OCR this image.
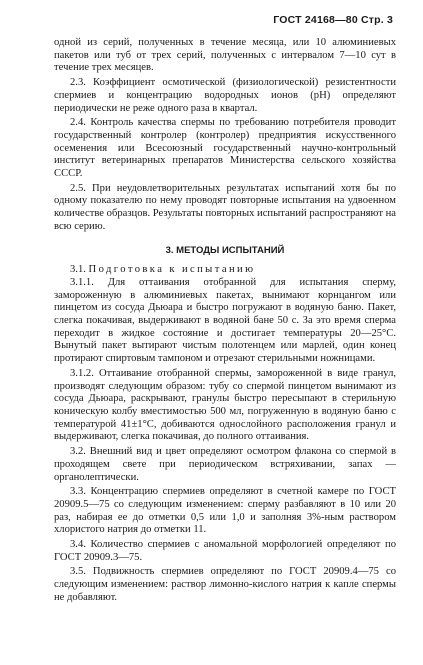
ГОСТ 24168—80 Стр. 3

одной из серий, полученных в течение месяца, или 10 алюминиевых пакетов или туб от трех серий, полученных с интервалом 7—10 сут в течение трех месяцев.

2.3. Коэффициент осмотической (физиологической) резистентности спермиев и концентрацию водородных ионов (pH) определяют периодически не реже одного раза в квартал.

2.4. Контроль качества спермы по требованию потребителя проводит государственный контролер (контролер) предприятия искусственного осеменения или Всесоюзный государственный научно-контрольный институт ветеринарных препаратов Министерства сельского хозяйства СССР.

2.5. При неудовлетворительных результатах испытаний хотя бы по одному показателю по нему проводят повторные испытания на удвоенном количестве образцов. Результаты повторных испытаний распространяют на всю серию.

3. МЕТОДЫ ИСПЫТАНИЙ

3.1. Подготовка к испытанию

3.1.1. Для оттаивания отобранной для испытания сперму, замороженную в алюминиевых пакетах, вынимают корнцангом или пинцетом из сосуда Дьюара и быстро погружают в водяную баню. Пакет, слегка покачивая, выдерживают в водяной бане 50 с. За это время сперма переходит в жидкое состояние и достигает температуры 20—25°С. Вынутый пакет вытирают чистым полотенцем или марлей, один конец протирают спиртовым тампоном и отрезают стерильными ножницами.

3.1.2. Оттаивание отобранной спермы, замороженной в виде гранул, производят следующим образом: тубу со спермой пинцетом вынимают из сосуда Дьюара, раскрывают, гранулы быстро пересыпают в стерильную коническую колбу вместимостью 500 мл, погруженную в водяную баню с температурой 41±1°С, добиваются однослойного расположения гранул и выдерживают, слегка покачивая, до полного оттаивания.

3.2. Внешний вид и цвет определяют осмотром флакона со спермой в проходящем свете при периодическом встряхивании, запах — органолептически.

3.3. Концентрацию спермиев определяют в счетной камере по ГОСТ 20909.5—75 со следующим изменением: сперму разбавляют в 10 или 20 раз, набирая ее до отметки 0,5 или 1,0 и заполняя 3%-ным раствором хлористого натрия до отметки 11.

3.4. Количество спермиев с аномальной морфологией определяют по ГОСТ 20909.3—75.

3.5. Подвижность спермиев определяют по ГОСТ 20909.4—75 со следующим изменением: раствор лимонно-кислого натрия к капле спермы не добавляют.
